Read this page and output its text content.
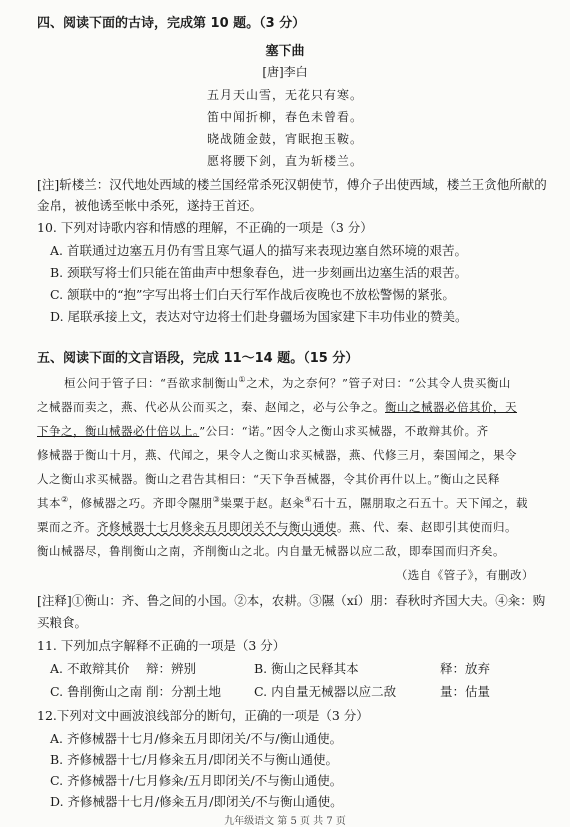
四、阅读下面的古诗，完成第 10 题。（3 分）
塞下曲
[唐]李白
五月天山雪，无花只有寒。
笛中闻折柳，春色未曾看。
晓战随金鼓，宵眠抱玉鞍。
愿将腰下剑，直为斩楼兰。
[注]斩楼兰：汉代地处西域的楼兰国经常杀死汉朝使节，傅介子出使西域，楼兰王贪他所献的
金帛，被他诱至帐中杀死，遂持王首还。
10. 下列对诗歌内容和情感的理解，不正确的一项是（3 分）
A. 首联通过边塞五月仍有雪且寒气逼人的描写来表现边塞自然环境的艰苦。
B. 颈联写将士们只能在笛曲声中想象春色，进一步刻画出边塞生活的艰苦。
C. 颔联中的“抱”字写出将士们白天行军作战后夜晚也不放松警惕的紧张。
D. 尾联承接上文，表达对守边将士们赴身疆场为国家建下丰功伟业的赞美。
五、阅读下面的文言语段，完成 11～14 题。（15 分）
桓公问于管子曰：“吾欲求制衡山①之术，为之奈何？”管子对曰：“公其令人贵买衡山
之械器而卖之，燕、代必从公而买之，秦、赵闻之，必与公争之。衡山之械器必倍其价，天
下争之，衡山械器必什倍以上。”公曰：“诺。”因令人之衡山求买械器，不敢辩其价。齐
修械器于衡山十月，燕、代闻之，果令人之衡山求买械器，燕、代修三月，秦国闻之，果令
人之衡山求买械器。衡山之君告其相曰：“天下争吾械器，令其价再什以上。”衡山之民释
其本②，修械器之巧。齐即令隰朋③粜粟于赵。赵籴④石十五，隰朋取之石五十。天下闻之，载
粟而之齐。齐修械器十七月修籴五月即闭关不与衡山通使。燕、代、秦、赵即引其使而归。
衡山械器尽，鲁削衡山之南，齐削衡山之北。内自量无械器以应二敌，即奉国而归齐矣。
（选自《管子》，有删改）
[注释]①衡山：齐、鲁之间的小国。②本，农耕。③隰（xí）朋：春秋时齐国大夫。④籴：购
买粮食。
11. 下列加点字解释不正确的一项是（3 分）
A. 不敢辩其价 辩：辨别	B. 衡山之民释其本	释：放弃
C. 鲁削衡山之南 削：分割土地	C. 内自量无械器以应二敌	量：估量
12.下列对文中画波浪线部分的断句，正确的一项是（3 分）
A. 齐修械器十七月/修籴五月即闭关/不与/衡山通使。
B. 齐修械器十七/月修籴五月/即闭关不与衡山通使。
C. 齐修械器十/七月修籴/五月即闭关/不与衡山通使。
D. 齐修械器十七月/修籴五月/即闭关/不与衡山通使。
九年级语文 第 5 页 共 7 页
